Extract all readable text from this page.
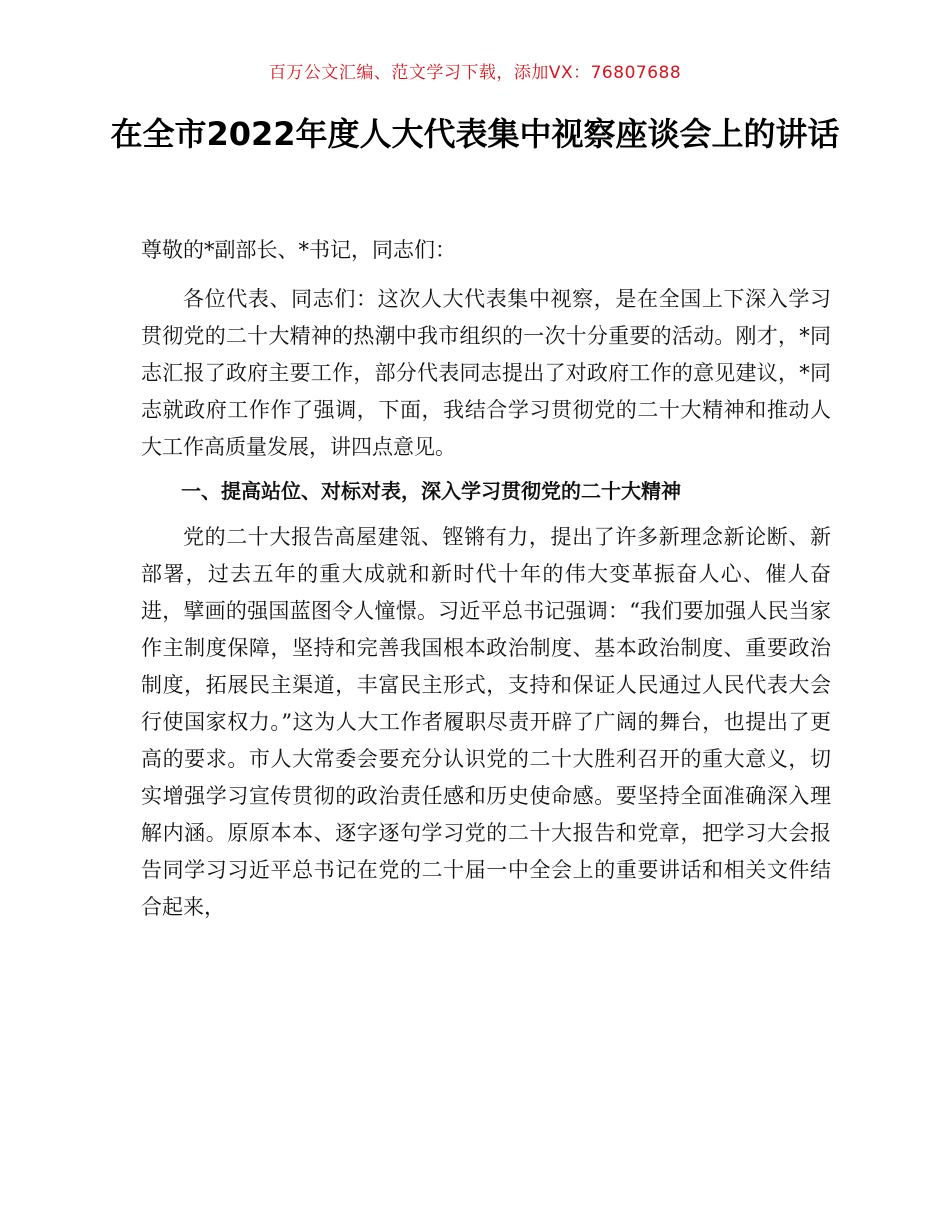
百万公文汇编、范文学习下载，添加VX：76807688
在全市2022年度人大代表集中视察座谈会上的讲话

尊敬的*副部长、*书记，同志们：

各位代表、同志们：这次人大代表集中视察，是在全国上下深入学习贯彻党的二十大精神的热潮中我市组织的一次十分重要的活动。刚才，*同志汇报了政府主要工作，部分代表同志提出了对政府工作的意见建议，*同志就政府工作作了强调，下面，我结合学习贯彻党的二十大精神和推动人大工作高质量发展，讲四点意见。

一、提高站位、对标对表，深入学习贯彻党的二十大精神

党的二十大报告高屋建瓴、铿锵有力，提出了许多新理念新论断、新部署，过去五年的重大成就和新时代十年的伟大变革振奋人心、催人奋进，擘画的强国蓝图令人憧憬。习近平总书记强调：“我们要加强人民当家作主制度保障，坚持和完善我国根本政治制度、基本政治制度、重要政治制度，拓展民主渠道，丰富民主形式，支持和保证人民通过人民代表大会行使国家权力。”这为人大工作者履职尽责开辟了广阔的舞台，也提出了更高的要求。市人大常委会要充分认识党的二十大胜利召开的重大意义，切实增强学习宣传贯彻的政治责任感和历史使命感。要坚持全面准确深入理解内涵。原原本本、逐字逐句学习党的二十大报告和党章，把学习大会报告同学习习近平总书记在党的二十届一中全会上的重要讲话和相关文件结合起来，
